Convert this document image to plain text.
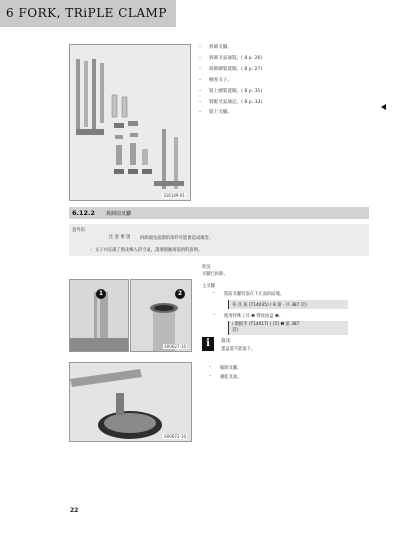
6 FORK, TRiPLE CLAMP
316149-01
– 拆卸叉腳。
– 拆卸叉氣通裝。( 8 p. 26)
– 拆卸總裝置閥。( 8 p. 27)
– 檢查叉子。
– 裝上總裝置閥。( 8 p. 31)
– 裝配叉氣通記。( 8 p. 33)
– 裝上叉腳。
6.12.2 拆卸前叉腳
意外的
注 意 事 項 拆卸頭先面圍的部件可能會造成傷害。
–  文子內充滿了預先喉入的空氣。請遵循廠商提供的說明。
1	2
600627-10
600672-10
狀況
叉腳已拆除。
主叉腳
– 將前叉腳管靠在下正面的區塊。
夾 具 座 (T14035) ( 8 第 · 共 387 頁)
– 使用特殊工具 ❶ 釋放油盒 ❶。
i 環扳手 (T14017) ( [5] ❶ 第 387
頁)
i	資訊
墨盒還不能取下。
– 鬆開叉腳。
– 濾乾叉油。
22
